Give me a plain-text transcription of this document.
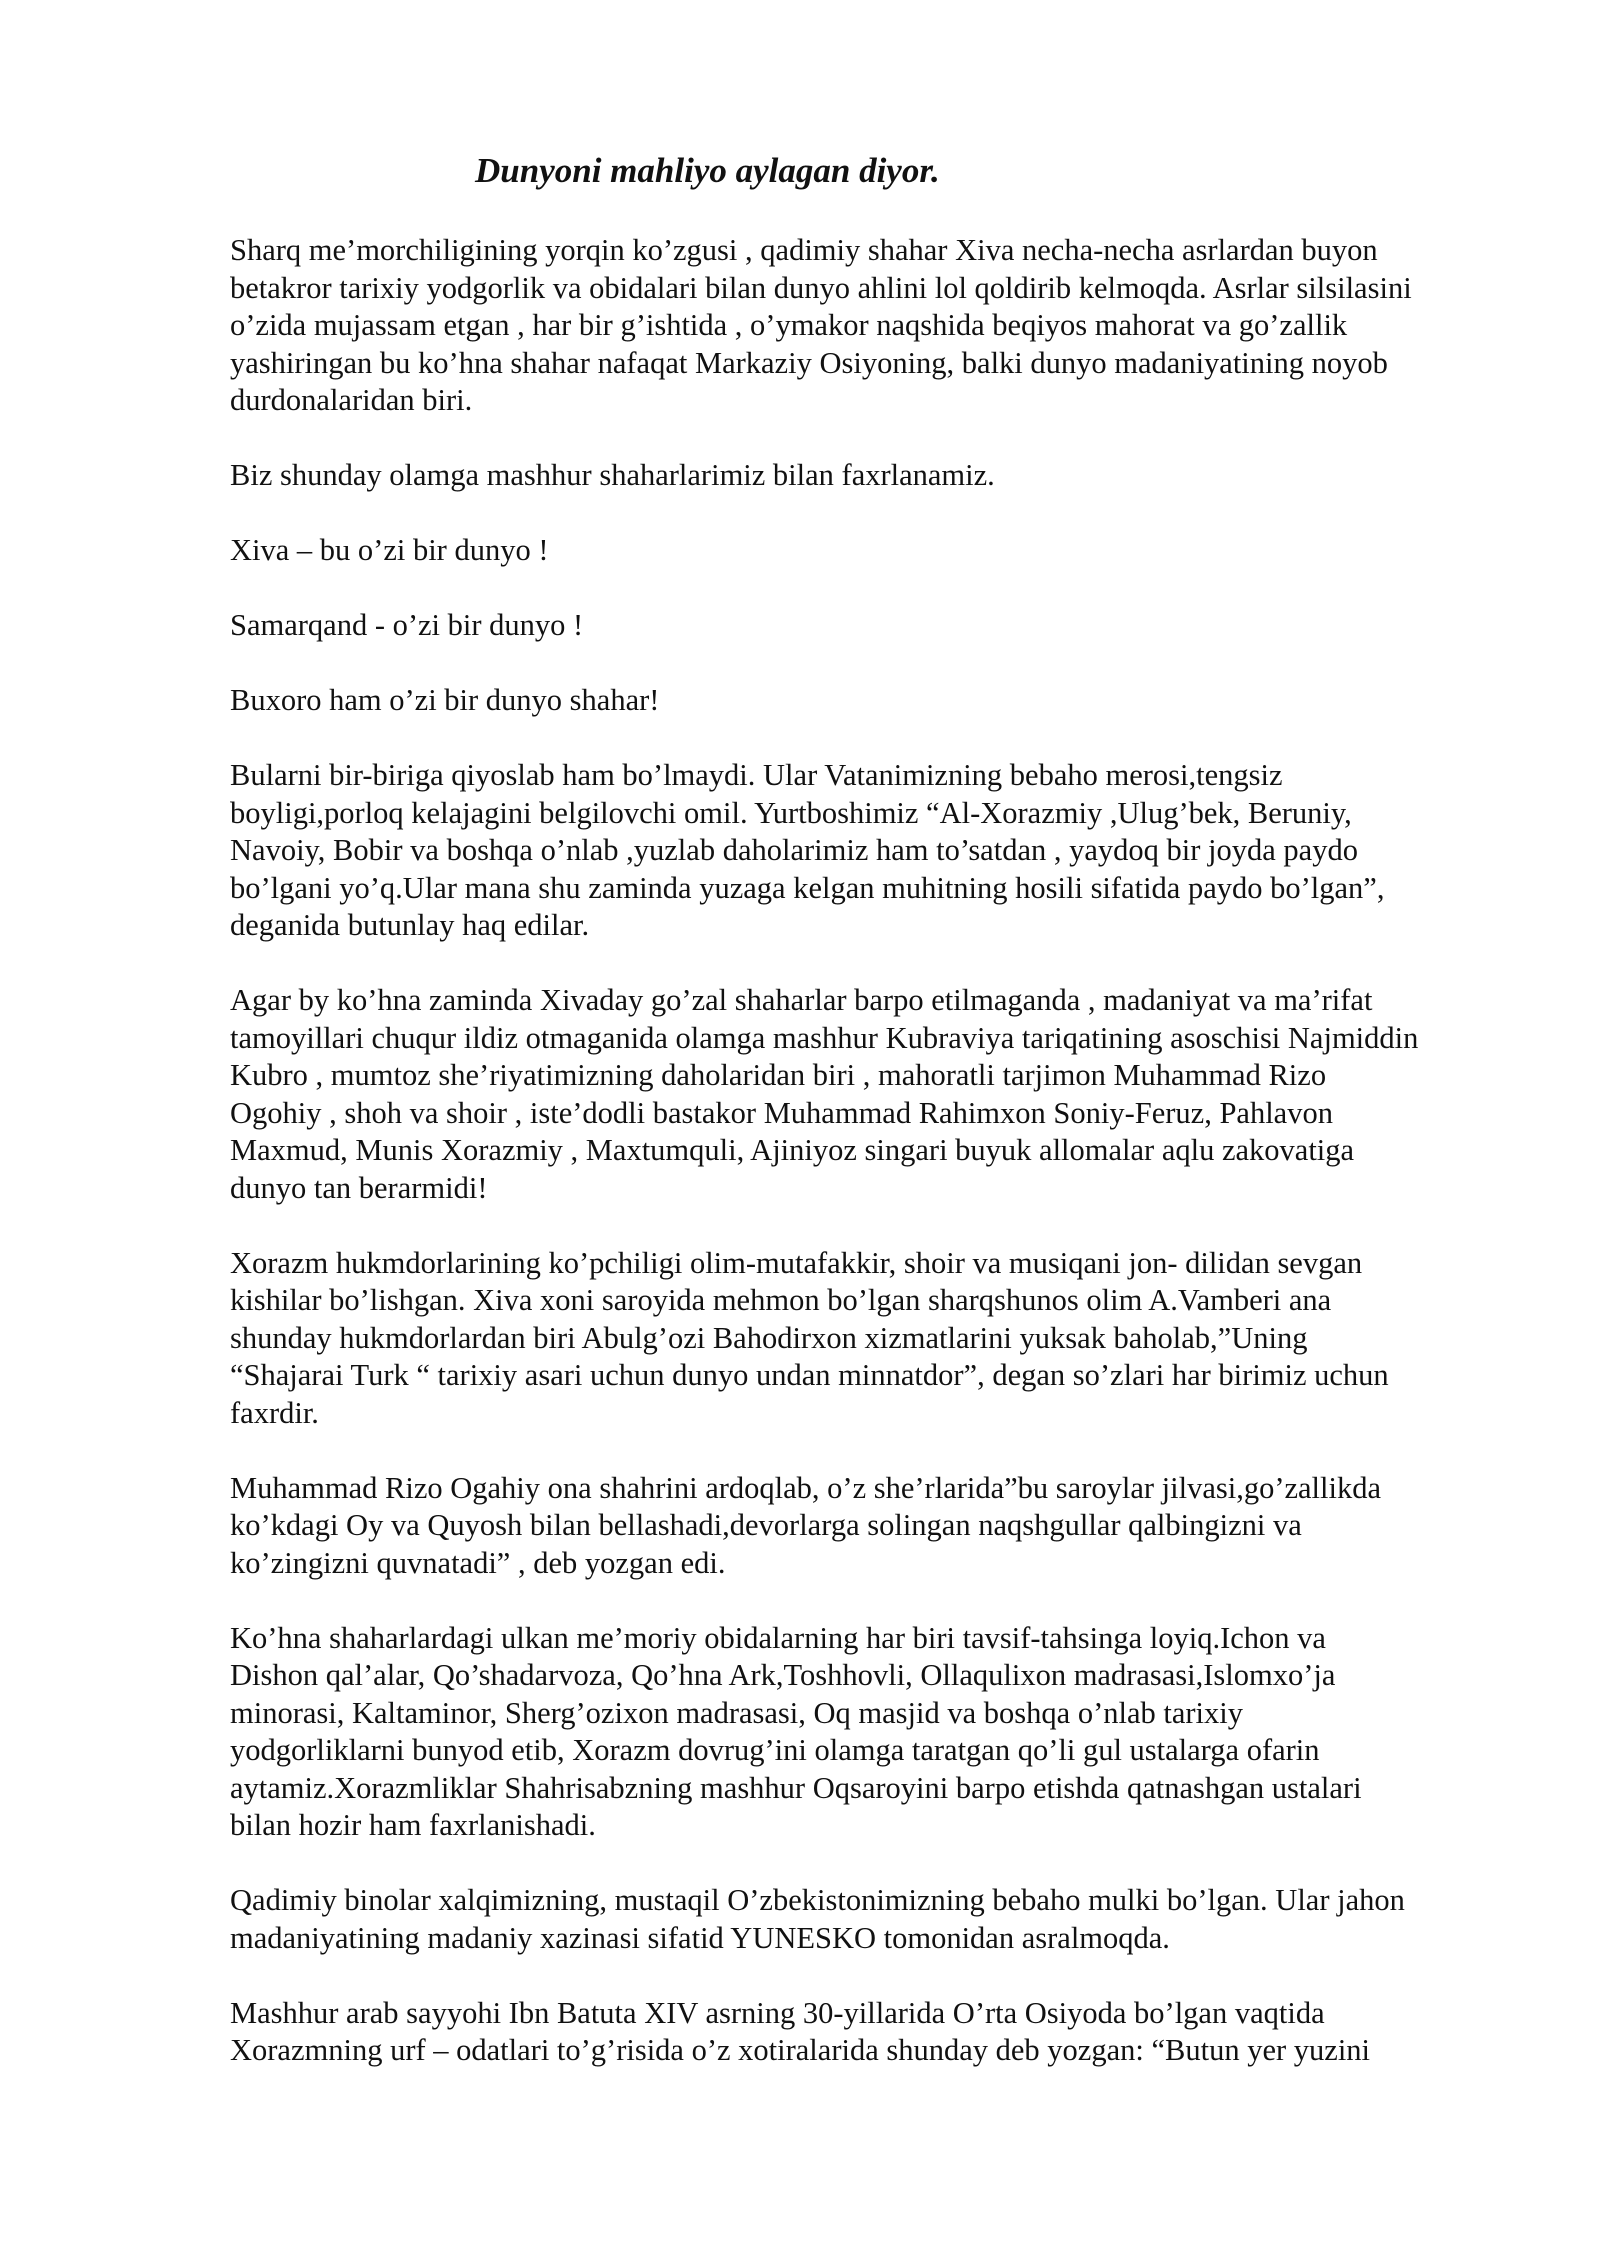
Dunyoni mahliyo aylagan diyor.
Sharq me’morchiligining yorqin ko’zgusi , qadimiy shahar Xiva necha-necha asrlardan buyon
betakror tarixiy yodgorlik va obidalari bilan dunyo ahlini lol qoldirib kelmoqda. Asrlar silsilasini
o’zida mujassam etgan , har bir g’ishtida , o’ymakor naqshida beqiyos mahorat va go’zallik
yashiringan bu ko’hna shahar nafaqat Markaziy Osiyoning, balki dunyo madaniyatining noyob
durdonalaridan biri.
Biz shunday olamga mashhur shaharlarimiz bilan faxrlanamiz.
Xiva – bu o’zi bir dunyo !
Samarqand - o’zi bir dunyo !
Buxoro ham o’zi bir dunyo shahar!
Bularni bir-biriga qiyoslab ham bo’lmaydi. Ular Vatanimizning bebaho merosi,tengsiz
boyligi,porloq kelajagini belgilovchi omil. Yurtboshimiz “Al-Xorazmiy ,Ulug’bek, Beruniy,
Navoiy, Bobir va boshqa o’nlab ,yuzlab daholarimiz ham to’satdan , yaydoq bir joyda paydo
bo’lgani yo’q.Ular mana shu zaminda yuzaga kelgan muhitning hosili sifatida paydo bo’lgan”,
deganida butunlay haq edilar.
Agar by ko’hna zaminda Xivaday go’zal shaharlar barpo etilmaganda , madaniyat va ma’rifat
tamoyillari chuqur ildiz otmaganida olamga mashhur Kubraviya tariqatining asoschisi Najmiddin
Kubro , mumtoz she’riyatimizning daholaridan biri , mahoratli tarjimon Muhammad Rizo
Ogohiy , shoh va shoir , iste’dodli bastakor Muhammad Rahimxon Soniy-Feruz, Pahlavon
Maxmud, Munis Xorazmiy , Maxtumquli, Ajiniyoz singari buyuk allomalar aqlu zakovatiga
dunyo tan berarmidi!
Xorazm hukmdorlarining ko’pchiligi olim-mutafakkir, shoir va musiqani jon- dilidan sevgan
kishilar bo’lishgan. Xiva xoni saroyida mehmon bo’lgan sharqshunos olim A.Vamberi ana
shunday hukmdorlardan biri Abulg’ozi Bahodirxon xizmatlarini yuksak baholab,”Uning
“Shajarai Turk “ tarixiy asari uchun dunyo undan minnatdor”, degan so’zlari har birimiz uchun
faxrdir.
Muhammad Rizo Ogahiy ona shahrini ardoqlab, o’z she’rlarida”bu saroylar jilvasi,go’zallikda
ko’kdagi Oy va Quyosh bilan bellashadi,devorlarga solingan naqshgullar qalbingizni va
ko’zingizni quvnatadi” , deb yozgan edi.
Ko’hna shaharlardagi ulkan me’moriy obidalarning har biri tavsif-tahsinga loyiq.Ichon va
Dishon qal’alar, Qo’shadarvoza, Qo’hna Ark,Toshhovli, Ollaqulixon madrasasi,Islomxo’ja
minorasi, Kaltaminor, Sherg’ozixon madrasasi, Oq masjid va boshqa o’nlab tarixiy
yodgorliklarni bunyod etib, Xorazm dovrug’ini olamga taratgan qo’li gul ustalarga ofarin
aytamiz.Xorazmliklar Shahrisabzning mashhur Oqsaroyini barpo etishda qatnashgan ustalari
bilan hozir ham faxrlanishadi.
Qadimiy binolar xalqimizning, mustaqil O’zbekistonimizning bebaho mulki bo’lgan. Ular jahon
madaniyatining madaniy xazinasi sifatid YUNESKO tomonidan asralmoqda.
Mashhur arab sayyohi Ibn Batuta XIV asrning 30-yillarida O’rta Osiyoda bo’lgan vaqtida
Xorazmning urf – odatlari to’g’risida o’z xotiralarida shunday deb yozgan: “Butun yer yuzini
